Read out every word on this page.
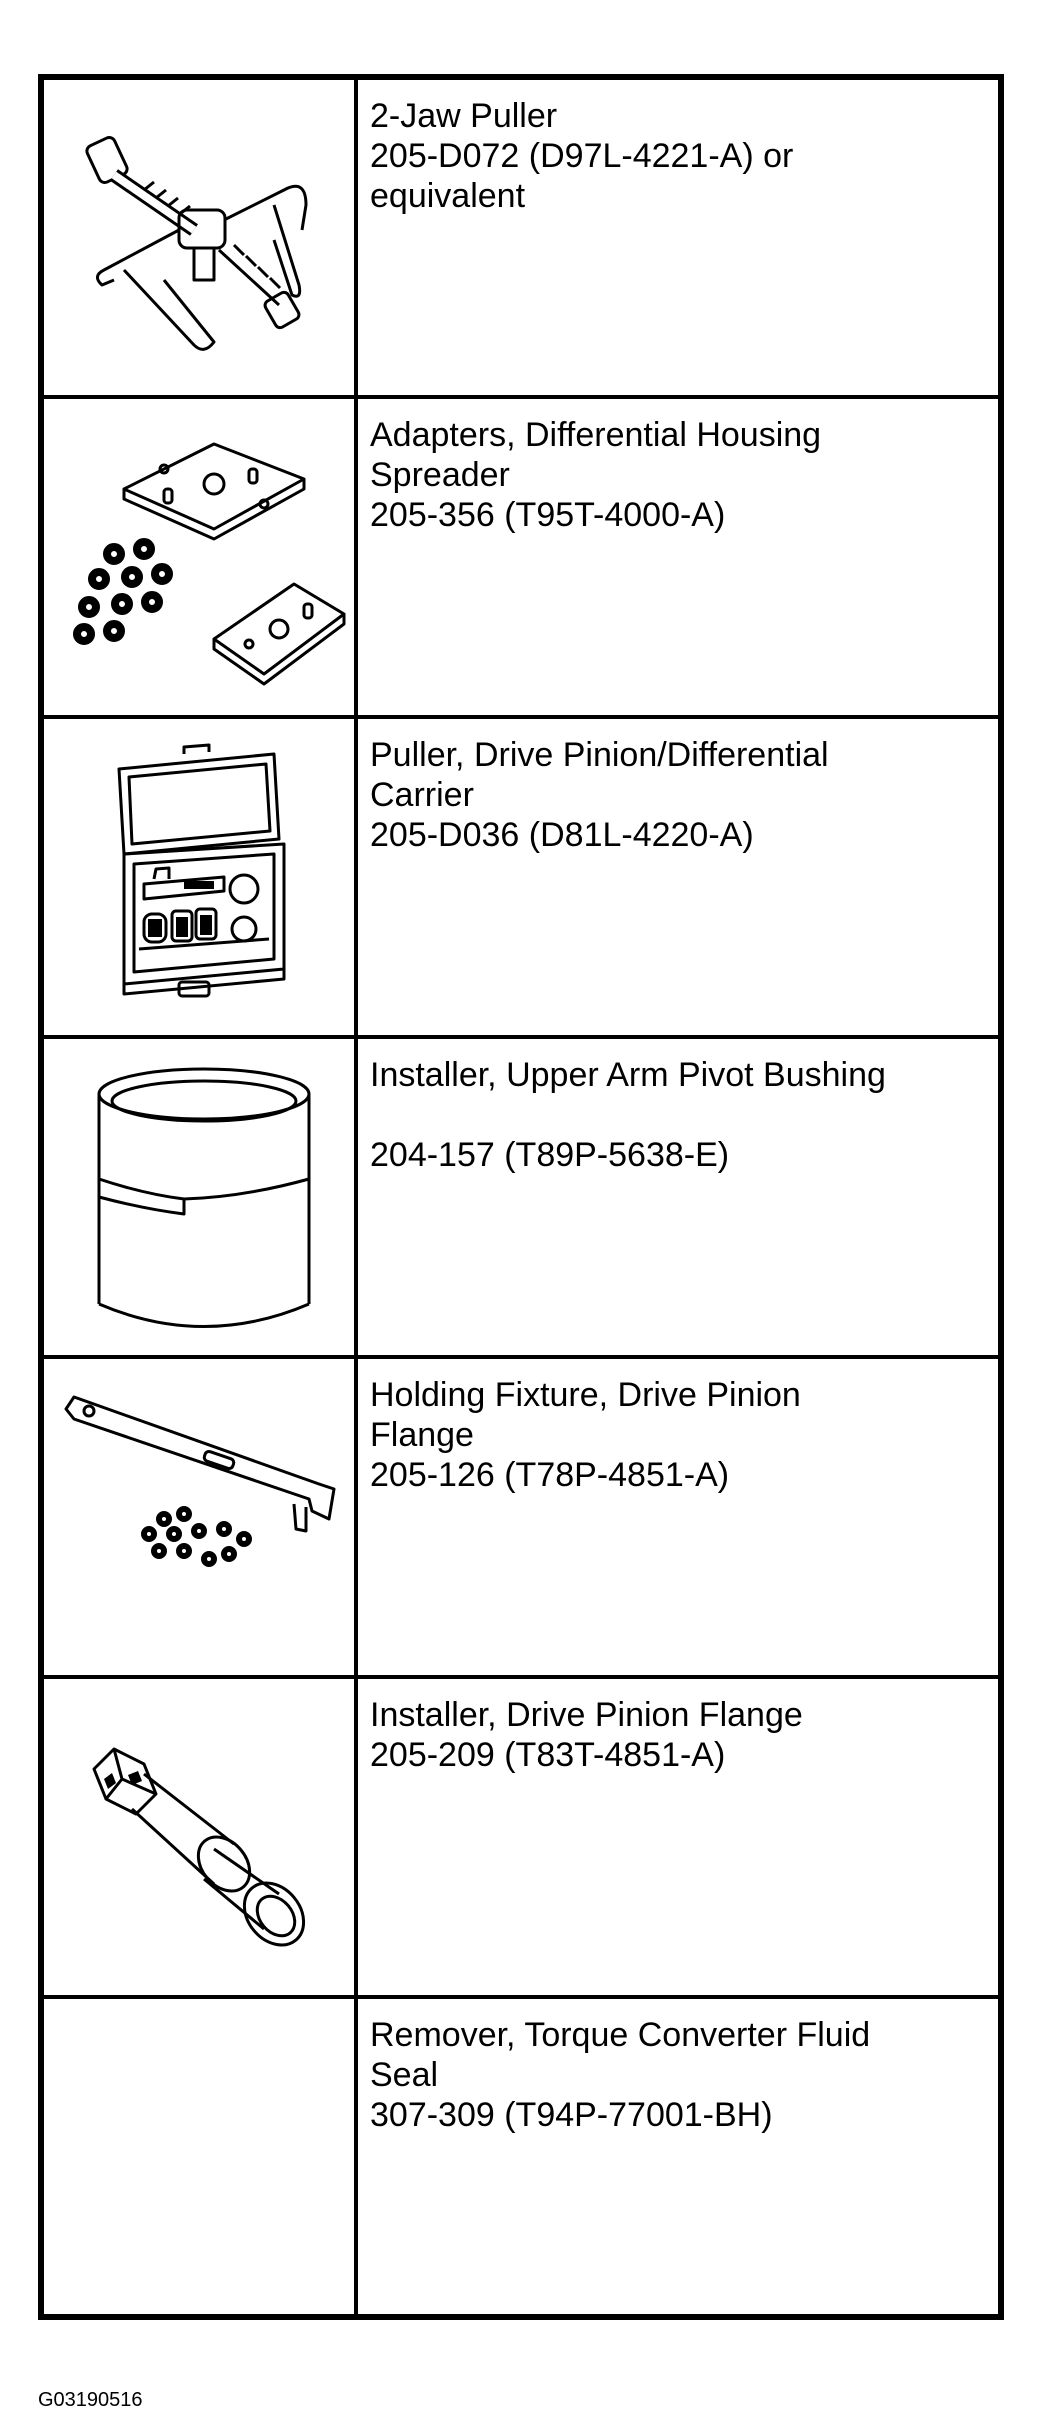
2-Jaw Puller
205-D072 (D97L-4221-A) or
equivalent

Adapters, Differential Housing
Spreader
205-356 (T95T-4000-A)

Puller, Drive Pinion/Differential
Carrier
205-D036 (D81L-4220-A)

Installer, Upper Arm Pivot Bushing

204-157 (T89P-5638-E)

Holding Fixture, Drive Pinion
Flange
205-126 (T78P-4851-A)

Installer, Drive Pinion Flange
205-209 (T83T-4851-A)

	Remover, Torque Converter Fluid
Seal
307-309 (T94P-77001-BH)
G03190516
